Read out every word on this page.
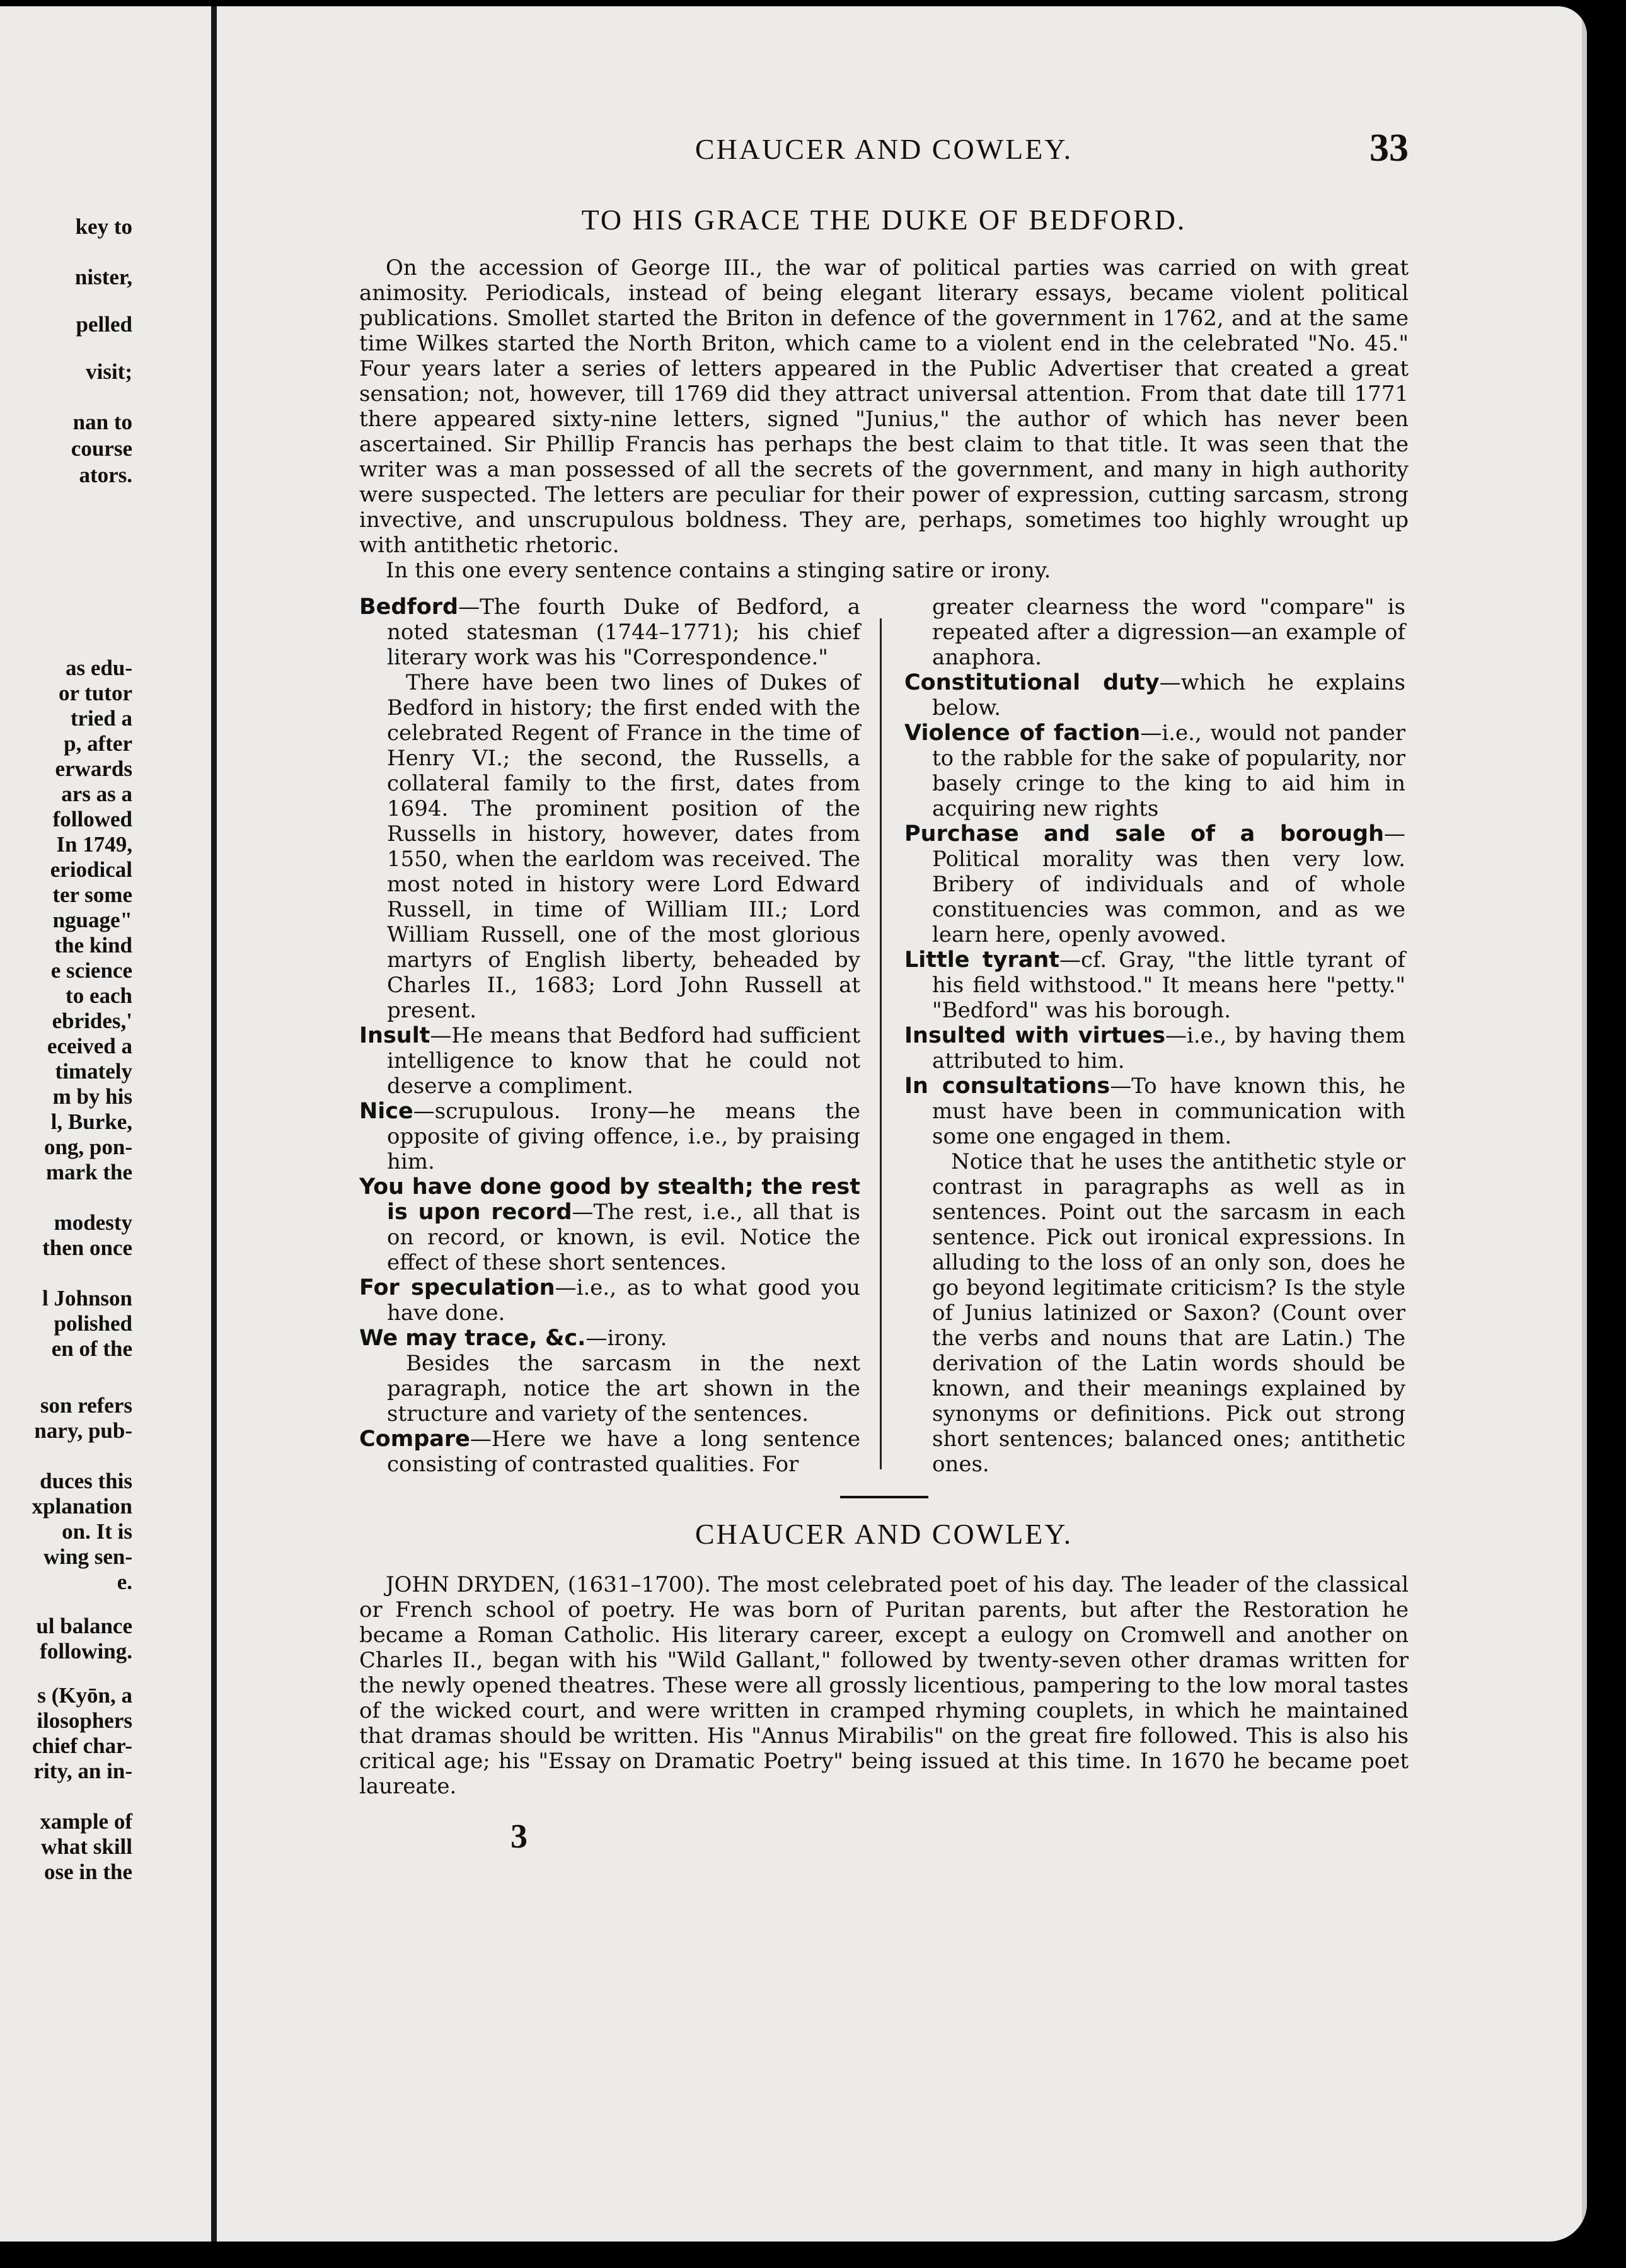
key to
nister,
pelled
visit;
nan to
course
ators.
as edu-
or tutor
tried a
p, after
erwards
ars as a
followed
In 1749,
eriodical
ter some
nguage"
the kind
e science
to each
ebrides,'
eceived a
timately
m by his
l, Burke,
ong, pon-
mark the
modesty
then once
l Johnson
polished
en of the
son refers
nary, pub-
duces this
xplanation
on. It is
wing sen-
e.
ul balance
following.
s (Kyōn, a
ilosophers
chief char-
rity, an in-
xample of
what skill
ose in the
CHAUCER AND COWLEY.	33
TO HIS GRACE THE DUKE OF BEDFORD.

On the accession of George III., the war of political parties was carried on with great animosity. Periodicals, instead of being elegant literary essays, became violent political publications. Smollet started the Briton in defence of the government in 1762, and at the same time Wilkes started the North Briton, which came to a violent end in the celebrated "No. 45." Four years later a series of letters appeared in the Public Advertiser that created a great sensation; not, however, till 1769 did they attract universal attention. From that date till 1771 there appeared sixty-nine letters, signed "Junius," the author of which has never been ascertained. Sir Phillip Francis has perhaps the best claim to that title. It was seen that the writer was a man possessed of all the secrets of the government, and many in high authority were suspected. The letters are peculiar for their power of expression, cutting sarcasm, strong invective, and unscrupulous boldness. They are, perhaps, sometimes too highly wrought up with antithetic rhetoric.

In this one every sentence contains a stinging satire or irony.

Bedford—The fourth Duke of Bedford, a noted statesman (1744–1771); his chief literary work was his "Correspondence."

There have been two lines of Dukes of Bedford in history; the first ended with the celebrated Regent of France in the time of Henry VI.; the second, the Russells, a collateral family to the first, dates from 1694. The prominent position of the Russells in history, however, dates from 1550, when the earldom was received. The most noted in history were Lord Edward Russell, in time of William III.; Lord William Russell, one of the most glorious martyrs of English liberty, beheaded by Charles II., 1683; Lord John Russell at present.

Insult—He means that Bedford had sufficient intelligence to know that he could not deserve a compliment.

Nice—scrupulous. Irony—he means the opposite of giving offence, i.e., by praising him.

You have done good by stealth; the rest is upon record—The rest, i.e., all that is on record, or known, is evil. Notice the effect of these short sentences.

For speculation—i.e., as to what good you have done.

We may trace, &c.—irony.

Besides the sarcasm in the next paragraph, notice the art shown in the structure and variety of the sentences.

Compare—Here we have a long sentence consisting of contrasted qualities. For

greater clearness the word "compare" is repeated after a digression—an example of anaphora.

Constitutional duty—which he explains below.

Violence of faction—i.e., would not pander to the rabble for the sake of popularity, nor basely cringe to the king to aid him in acquiring new rights

Purchase and sale of a borough—Political morality was then very low. Bribery of individuals and of whole constituencies was common, and as we learn here, openly avowed.

Little tyrant—cf. Gray, "the little tyrant of his field withstood." It means here "petty." "Bedford" was his borough.

Insulted with virtues—i.e., by having them attributed to him.

In consultations—To have known this, he must have been in communication with some one engaged in them.

Notice that he uses the antithetic style or contrast in paragraphs as well as in sentences. Point out the sarcasm in each sentence. Pick out ironical expressions. In alluding to the loss of an only son, does he go beyond legitimate criticism? Is the style of Junius latinized or Saxon? (Count over the verbs and nouns that are Latin.) The derivation of the Latin words should be known, and their meanings explained by synonyms or definitions. Pick out strong short sentences; balanced ones; antithetic ones.

CHAUCER AND COWLEY.

JOHN DRYDEN, (1631–1700). The most celebrated poet of his day. The leader of the classical or French school of poetry. He was born of Puritan parents, but after the Restoration he became a Roman Catholic. His literary career, except a eulogy on Cromwell and another on Charles II., began with his "Wild Gallant," followed by twenty-seven other dramas written for the newly opened theatres. These were all grossly licentious, pampering to the low moral tastes of the wicked court, and were written in cramped rhyming couplets, in which he maintained that dramas should be written. His "Annus Mirabilis" on the great fire followed. This is also his critical age; his "Essay on Dramatic Poetry" being issued at this time. In 1670 he became poet laureate.

3
